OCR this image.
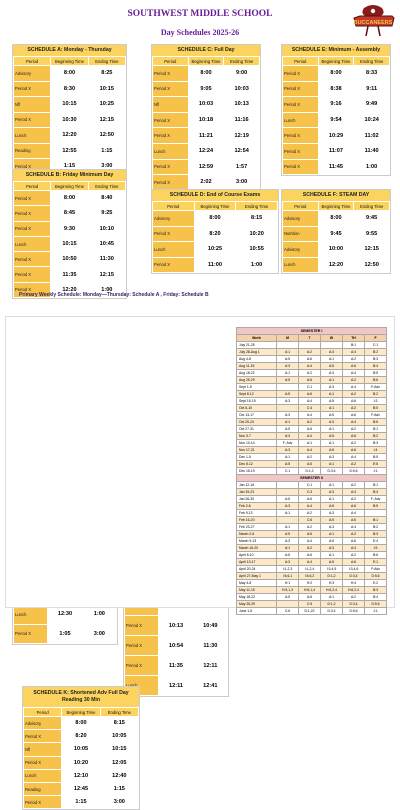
SOUTHWEST MIDDLE SCHOOL
Day Schedules 2025-26
BUCCANEERS
SCHEDULE A: Monday - Thursday
Period	Beginning Time	Ending Time
Advisory	8:00	8:25
Period X	8:30	10:15
Nfl	10:15	10:25
Period X	10:30	12:15
Lunch	12:20	12:50
Reading	12:55	1:15
Period X	1:15	3:00
SCHEDULE B: Friday Minimum Day
Period	Beginning Time	Ending Time
Period X	8:00	8:40
Period X	8:45	9:25
Period X	9:30	10:10
Lunch	10:15	10:45
Period X	10:50	11:30
Period X	11:35	12:15
Period X	12:20	1:00
SCHEDULE C: Full Day
Period	Beginning Time	Ending Time
Period X	8:00	9:00
Period X	9:05	10:03
Nfl	10:03	10:13
Period X	10:18	11:16
Period X	11:21	12:19
Lunch	12:24	12:54
Period X	12:59	1:57
Period X	2:02	3:00
SCHEDULE D: End of Course Exams
Period	Beginning Time	Ending Time
Advisory	8:00	8:15
Period X	8:20	10:20
Lunch	10:25	10:55
Period X	11:00	1:00
SCHEDULE E: Minimum - Assembly
Period	Beginning Time	Ending Time
Period X	8:00	8:33
Period X	8:38	9:11
Period X	9:16	9:49
Lunch	9:54	10:24
Period X	10:29	11:02
Period X	11:07	11:40
Period X	11:45	1:00
SCHEDULE F: STEAM DAY
Period	Beginning Time	Ending Time
Advisory	8:00	9:45
Nutrition	9:45	9:55
Advisory	10:00	12:15
Lunch	12:20	12:50

Lunch	12:30	1:00
Period X	1:05	3:00

Period X	10:13	10:49
Period X	10:54	11:30
Period X	11:35	12:11
	12:11	12:41
SCHEDULE K: Shortened Adv Full Day
Reading 30 Min
Period	Beginning Time	Ending Time
Advisory	8:00	8:15
Period X	8:20	10:05
Nfl	10:05	10:15
Period X	10:20	12:05
Lunch	12:10	12:40
Reading	12:45	1:15
Period X	1:15	3:00
Primary Weekly Schedule: Monday—Thursday: Schedule A , Friday: Schedule B
SEMESTER I					
Week	M	T	W	TH	F
July 21-25				B:1	C:1
July 28-Aug 1	A:1	A:2	A:3	A:4	B:2
Aug 4-8	A:5	A:6	A:1	A:2	B:3
Aug 11-15	A:3	A:4	A:5	A:6	B:4
Aug 18-22	A:1	A:2	A:3	A:4	B:5
Aug 25-29	A:5	A:6	A:1	A:2	B:6
Sept 1-5		C:1	A:3	A:4	F:Adv
Sept 8-12	A:5	A:6	A:1	A:2	B:2
Sept 15-19	A:3	A:4	A:5	A:6	I:3
Oct 6-10		C:4	A:1	A:2	B:5
Oct 13-17	A:3	A:4	A:5	A:6	F:Adv
Oct 20-24	A:1	A:2	A:3	A:4	B:6
Oct 27-31	A:5	A:6	A:1	A:2	B:1
Nov 3-7	A:3	A:4	A:5	A:6	B:2
Nov 10-14	F: Adv	A:1	A:1	A:2	B:3
Nov 17-21	A:3	A:4	A:5	A:6	I:4
Dec 1-5	A:1	A:2	A:3	A:4	B:5
Dec 8-12	A:5	A:6	A:1	A:2	E:6
Dec 15-19	C:1	D:1,2	D:3,4	D:5,6	J:1
SEMESTER II					
Jan 12-16		C:1	A:1	A:2	B:1
Jan 19-23		C:3	A:3	A:4	B:4
Jan 26-30	A:5	A:6	A:1	A:2	F: Adv
Feb 2-6	A:3	A:4	A:5	A:6	B:5
Feb 9-13	A:1	A:2	A:3	A:4	
Feb 16-20		C:6	A:5	A:6	B:1
Feb 23-27	A:1	A:2	A:3	A:4	B:2
March 2-6	A:5	A:6	A:1	A:2	B:3
March 9-13	A:3	A:4	A:5	A:6	E:4
March 16-20	A:1	A:2	A:3	A:4	I:5
April 6-10	A:5	A:6	A:1	A:2	B:6
April 13-17	A:3	A:4	A:5	A:6	E:1
April 20-24	I:1,2,3	I:1,2,4	I:3,4,5	I:3,4,6	F:Adv
April 27-May 1	I:5,6,1	I:5,6,2	D:1,2	D:3,4	D:5,6
May 4-8	H:1	H:2	H:3	H:4	E:2
May 11-15	H:5,1,3	H:5,1,4	H:6,2,4	H:6,2,4	B:3
May 18-22	A:5	A:6	A:1	A:2	B:4
May 25-29		C:5	D:1,2	D:3,4	D:5,6
June 1-5	C:6	D:1,22	D:3,4	D:5,6	J:1
